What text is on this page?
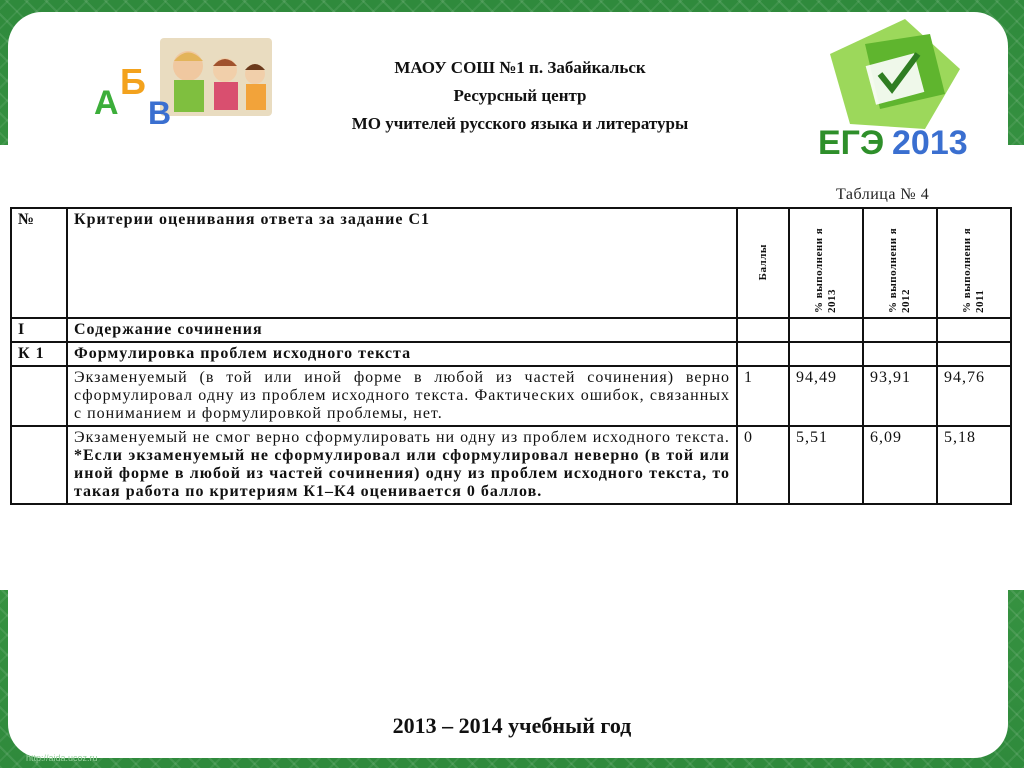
А
Б
В
МАОУ СОШ №1 п. Забайкальск
Ресурсный центр
МО учителей русского языка и литературы
ЕГЭ 2013
Таблица № 4
№	Критерии оценивания ответа за задание С1	Баллы	% выполнени я 2013	% выполнени я 2012	% выполнени я 2011

I	Содержание сочинения				
К 1	Формулировка проблем исходного текста				
	Экзаменуемый (в той или иной форме в любой из частей сочинения) верно сформулировал одну из проблем исходного текста. Фактических ошибок, связанных с пониманием и формулировкой проблемы, нет.	1	94,49	93,91	94,76

	Экзаменуемый не смог верно сформулировать ни одну из проблем исходного текста.
*Если экзаменуемый не сформулировал или сформулировал неверно (в той или иной форме в любой из частей сочинения) одну из проблем исходного текста, то такая работа по критериям К1–К4 оценивается 0 баллов.	0	5,51	6,09	5,18
2013 – 2014 учебный год
http://aida.ucoz.ru
